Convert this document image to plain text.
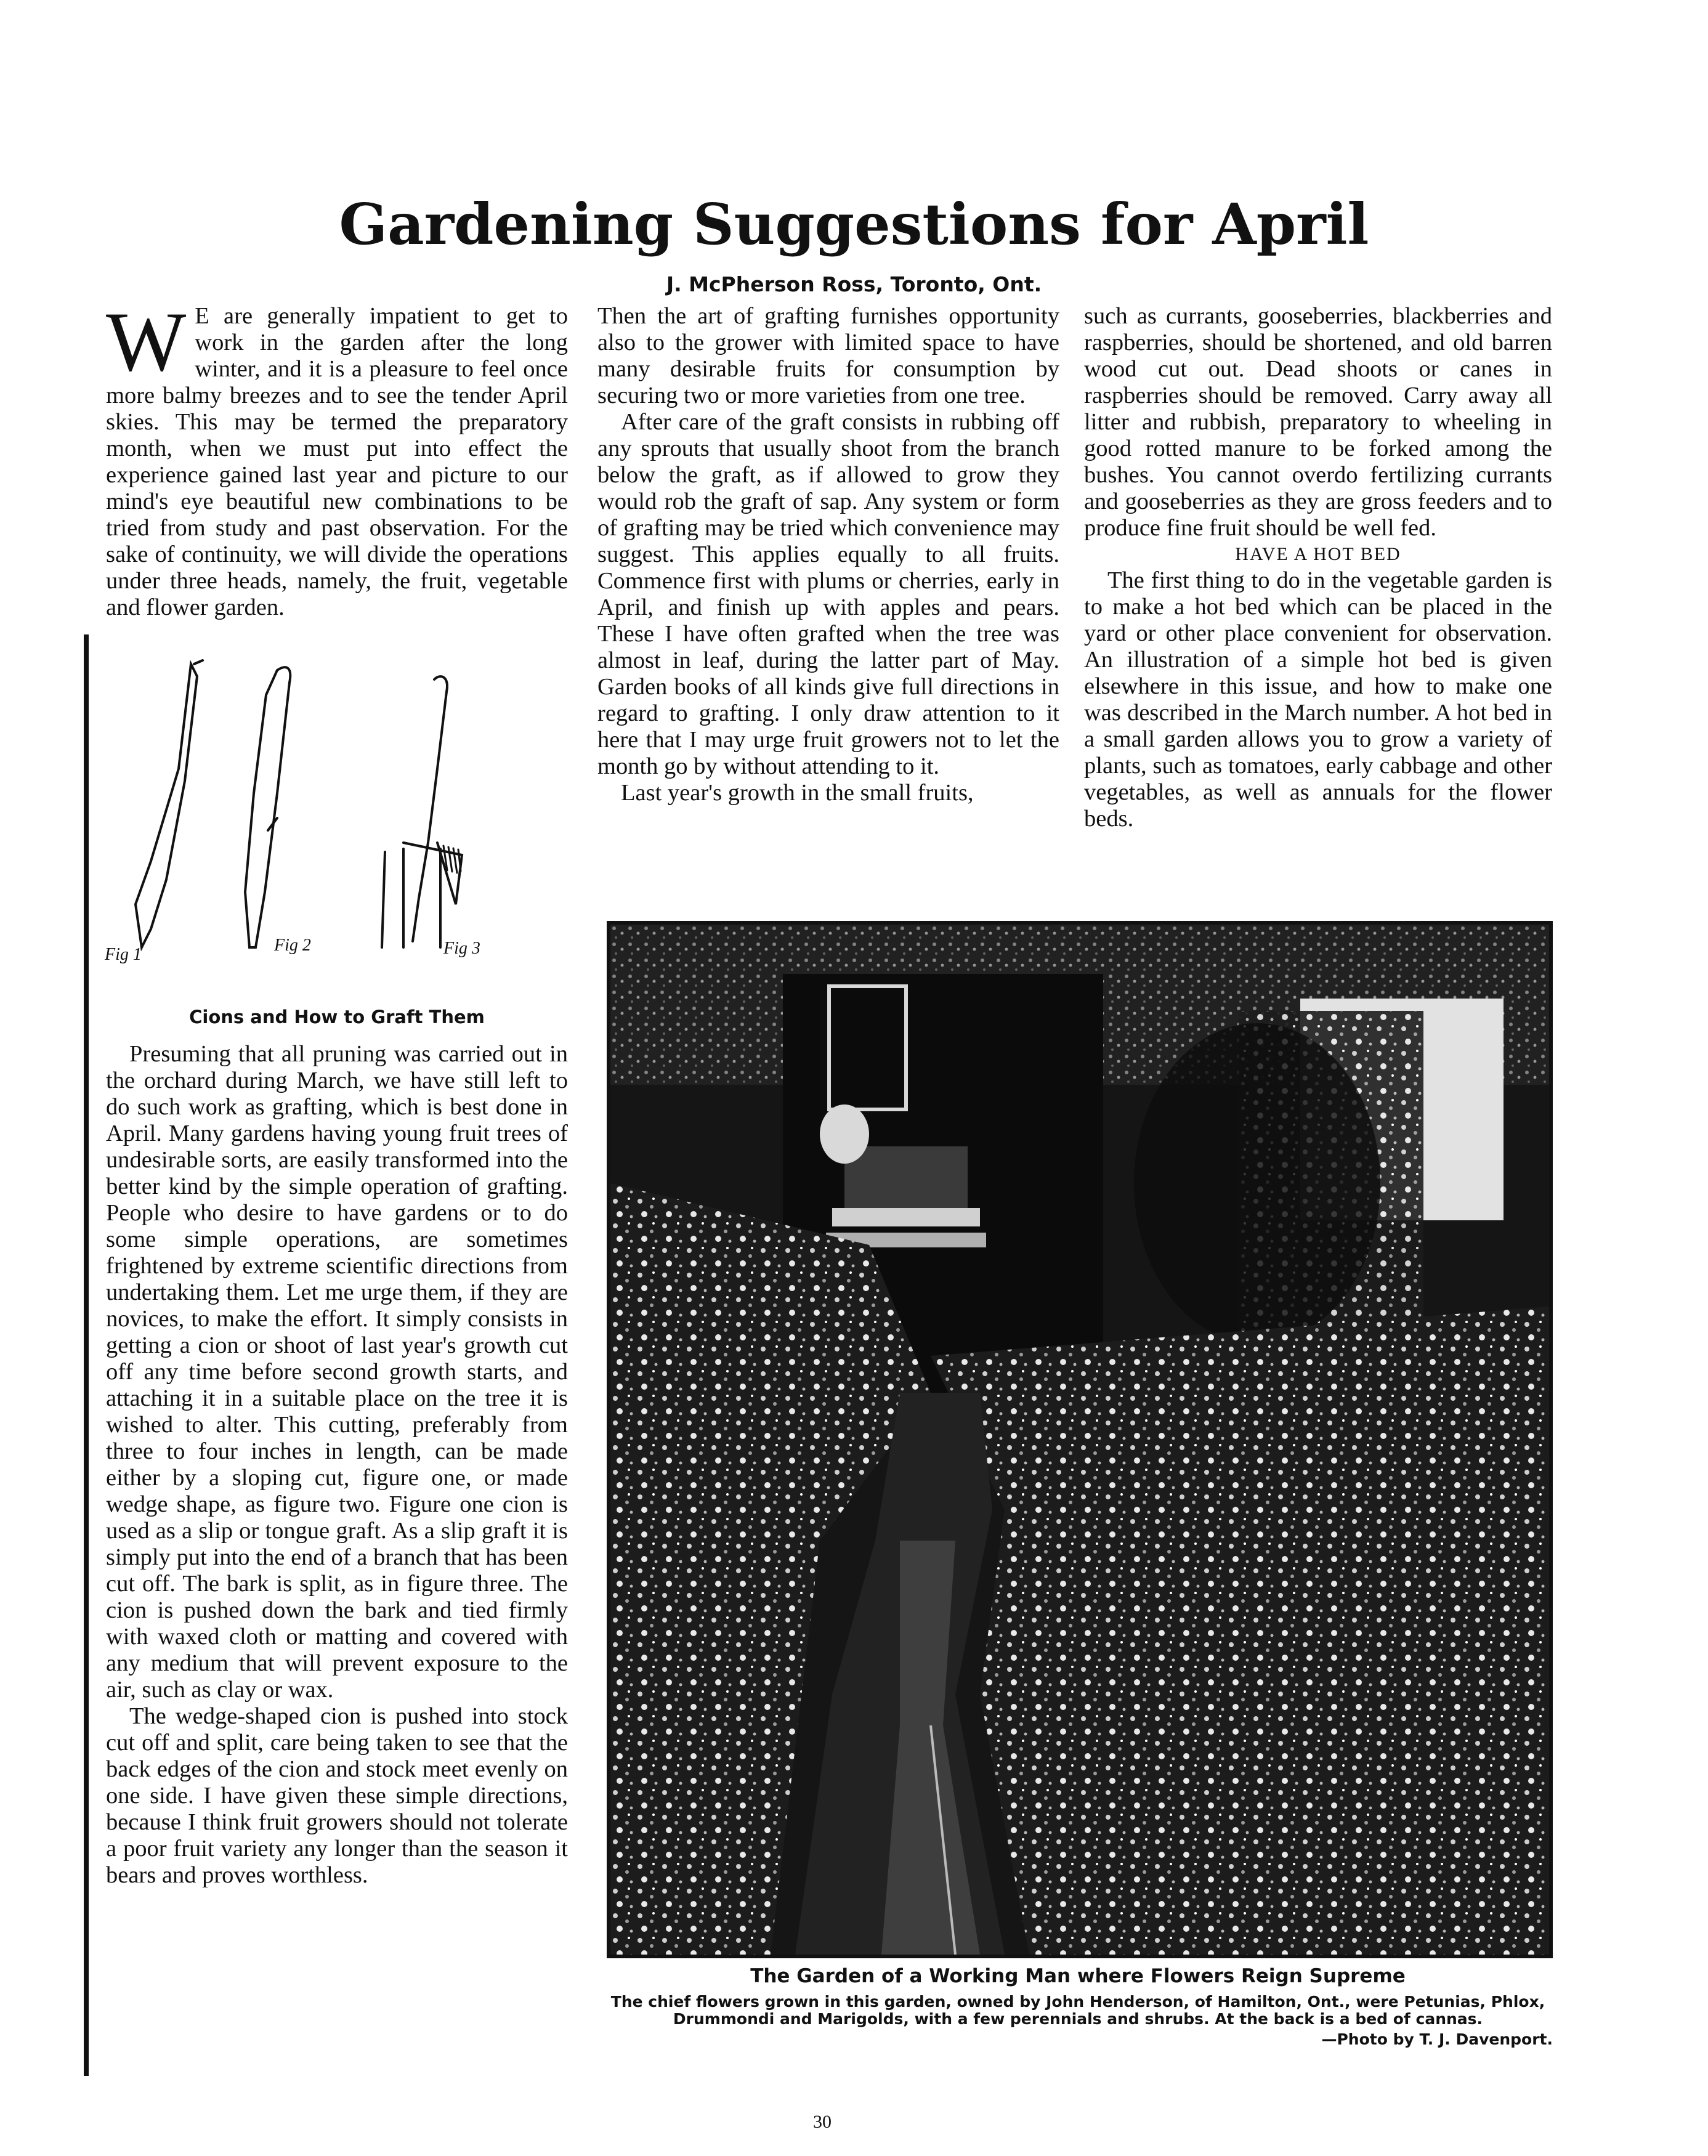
Gardening Suggestions for April
J. McPherson Ross, Toronto, Ont.

W E are generally impatient to get to work in the garden after the long winter, and it is a pleasure to feel once more balmy breezes and to see the tender April skies. This may be termed the preparatory month, when we must put into effect the experience gained last year and picture to our mind's eye beautiful new combinations to be tried from study and past observation. For the sake of continuity, we will divide the operations under three heads, namely, the fruit, vegetable and flower garden.

Fig 1	Fig 2	Fig 3
Cions and How to Graft Them

Presuming that all pruning was carried out in the orchard during March, we have still left to do such work as grafting, which is best done in April. Many gardens having young fruit trees of undesirable sorts, are easily transformed into the better kind by the simple operation of grafting. People who desire to have gardens or to do some simple operations, are sometimes frightened by extreme scientific directions from undertaking them. Let me urge them, if they are novices, to make the effort. It simply consists in getting a cion or shoot of last year's growth cut off any time before second growth starts, and attaching it in a suitable place on the tree it is wished to alter. This cutting, preferably from three to four inches in length, can be made either by a sloping cut, figure one, or made wedge shape, as figure two. Figure one cion is used as a slip or tongue graft. As a slip graft it is simply put into the end of a branch that has been cut off. The bark is split, as in figure three. The cion is pushed down the bark and tied firmly with waxed cloth or matting and covered with any medium that will prevent exposure to the air, such as clay or wax.

The wedge-shaped cion is pushed into stock cut off and split, care being taken to see that the back edges of the cion and stock meet evenly on one side. I have given these simple directions, because I think fruit growers should not tolerate a poor fruit variety any longer than the season it bears and proves worthless.

Then the art of grafting furnishes opportunity also to the grower with limited space to have many desirable fruits for consumption by securing two or more varieties from one tree.

After care of the graft consists in rubbing off any sprouts that usually shoot from the branch below the graft, as if allowed to grow they would rob the graft of sap. Any system or form of grafting may be tried which convenience may suggest. This applies equally to all fruits. Commence first with plums or cherries, early in April, and finish up with apples and pears. These I have often grafted when the tree was almost in leaf, during the latter part of May. Garden books of all kinds give full directions in regard to grafting. I only draw attention to it here that I may urge fruit growers not to let the month go by without attending to it.

Last year's growth in the small fruits,

such as currants, gooseberries, blackberries and raspberries, should be shortened, and old barren wood cut out. Dead shoots or canes in raspberries should be removed. Carry away all litter and rubbish, preparatory to wheeling in good rotted manure to be forked among the bushes. You cannot overdo fertilizing currants and gooseberries as they are gross feeders and to produce fine fruit should be well fed.

HAVE A HOT BED

The first thing to do in the vegetable garden is to make a hot bed which can be placed in the yard or other place convenient for observation. An illustration of a simple hot bed is given elsewhere in this issue, and how to make one was described in the March number. A hot bed in a small garden allows you to grow a variety of plants, such as tomatoes, early cabbage and other vegetables, as well as annuals for the flower beds.

The Garden of a Working Man where Flowers Reign Supreme
The chief flowers grown in this garden, owned by John Henderson, of Hamilton, Ont., were Petunias, Phlox, Drummondi and Marigolds, with a few perennials and shrubs. At the back is a bed of cannas.
—Photo by T. J. Davenport.
30
